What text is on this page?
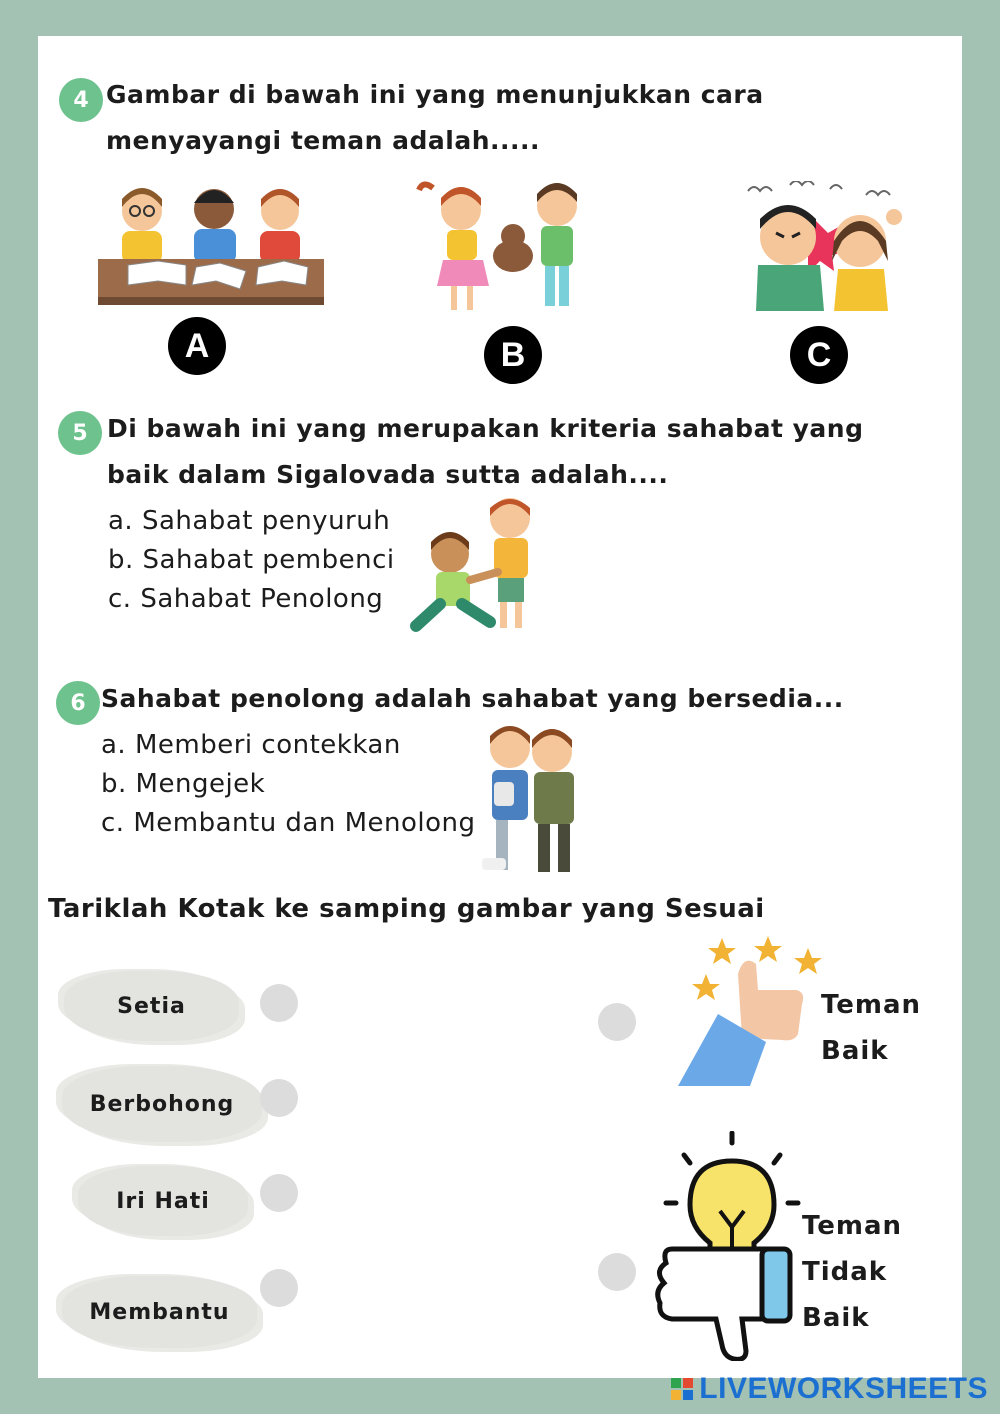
4 Gambar di bawah ini yang menunjukkan cara
menyayangi teman adalah.....
A	B	C
5 Di bawah ini yang merupakan kriteria sahabat yang
baik dalam Sigalovada sutta adalah....
a. Sahabat penyuruh
b. Sahabat pembenci
c. Sahabat Penolong
6 Sahabat penolong adalah sahabat yang bersedia...
a. Memberi contekkan
b. Mengejek
c. Membantu dan Menolong
Tariklah Kotak ke samping gambar yang Sesuai
Setia
Berbohong
Iri Hati
Membantu
Teman
Baik
Teman
Tidak
Baik
LIVEWORKSHEETS
